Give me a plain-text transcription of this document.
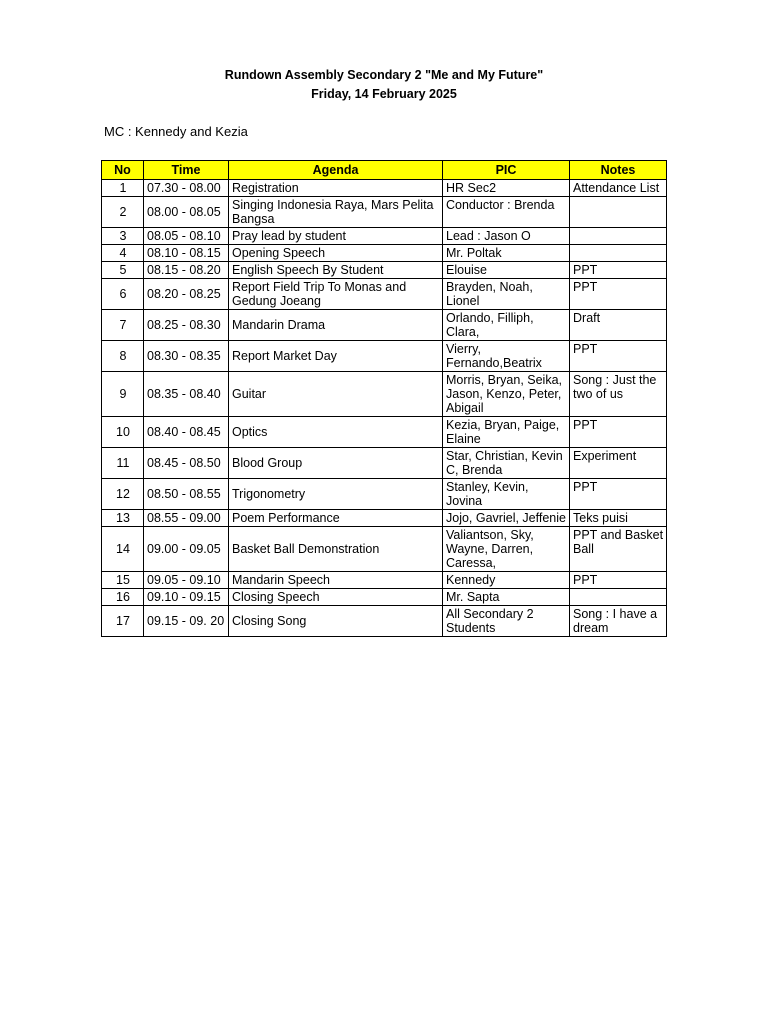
Rundown Assembly Secondary 2 "Me and My Future"
Friday, 14 February 2025
MC : Kennedy and Kezia
No	Time	Agenda	PIC	Notes
1	07.30 - 08.00	Registration	HR Sec2	Attendance List
2	08.00 - 08.05	Singing Indonesia Raya, Mars Pelita Bangsa	Conductor : Brenda	
3	08.05 - 08.10	Pray lead by student	Lead : Jason O	
4	08.10 - 08.15	Opening Speech	Mr. Poltak	
5	08.15 - 08.20	English Speech By Student	Elouise	PPT
6	08.20 - 08.25	Report Field Trip To Monas and Gedung Joeang	Brayden, Noah, Lionel	PPT
7	08.25 - 08.30	Mandarin Drama	Orlando, Filliph, Clara,	Draft
8	08.30 - 08.35	Report Market Day	Vierry, Fernando,Beatrix	PPT
9	08.35 - 08.40	Guitar	Morris, Bryan, Seika, Jason, Kenzo, Peter, Abigail	Song : Just the two of us
10	08.40 - 08.45	Optics	Kezia, Bryan, Paige, Elaine	PPT
11	08.45 - 08.50	Blood Group	Star, Christian, Kevin C, Brenda	Experiment
12	08.50 - 08.55	Trigonometry	Stanley, Kevin, Jovina	PPT
13	08.55 - 09.00	Poem Performance	Jojo, Gavriel, Jeffenie	Teks puisi
14	09.00 - 09.05	Basket Ball Demonstration	Valiantson, Sky, Wayne, Darren, Caressa,	PPT and Basket Ball
15	09.05 - 09.10	Mandarin Speech	Kennedy	PPT
16	09.10 - 09.15	Closing Speech	Mr. Sapta	
17	09.15 - 09. 20	Closing Song	All Secondary 2 Students	Song : I have a dream
